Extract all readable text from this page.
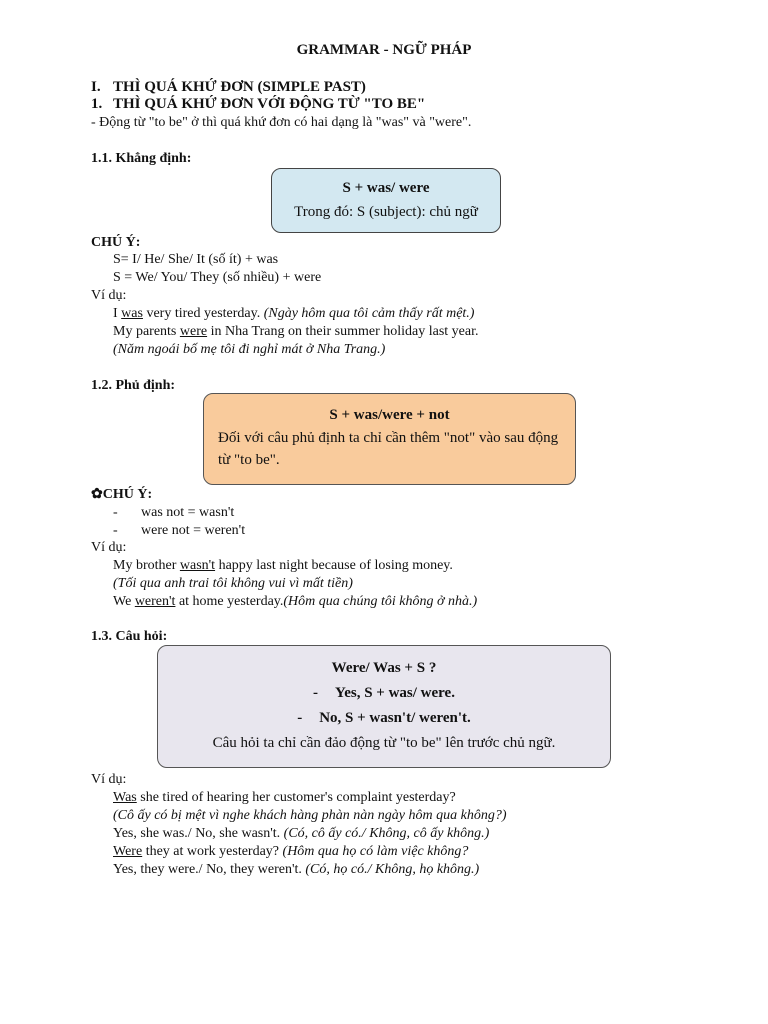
GRAMMAR - NGỮ PHÁP
I. THÌ QUÁ KHỨ ĐƠN (SIMPLE PAST)
1. THÌ QUÁ KHỨ ĐƠN VỚI ĐỘNG TỪ "TO BE"
- Động từ "to be" ở thì quá khứ đơn có hai dạng là "was" và "were".
1.1. Khẳng định:
S + was/ were
Trong đó: S (subject): chủ ngữ
CHÚ Ý:
S= I/ He/ She/ It (số ít) + was
S = We/ You/ They (số nhiều) + were
Ví dụ:
I was very tired yesterday. (Ngày hôm qua tôi cảm thấy rất mệt.)
My parents were in Nha Trang on their summer holiday last year.
(Năm ngoái bố mẹ tôi đi nghỉ mát ở Nha Trang.)
1.2. Phủ định:
S + was/were + not
Đối với câu phủ định ta chỉ cần thêm "not" vào sau động từ "to be".
✿CHÚ Ý:
- was not = wasn't
- were not = weren't
Ví dụ:
My brother wasn't happy last night because of losing money.
(Tối qua anh trai tôi không vui vì mất tiền)
We weren't at home yesterday.(Hôm qua chúng tôi không ở nhà.)
1.3. Câu hỏi:
Were/ Was + S ?
- Yes, S + was/ were.
- No, S + wasn't/ weren't.
Câu hỏi ta chỉ cần đảo động từ "to be" lên trước chủ ngữ.
Ví dụ:
Was she tired of hearing her customer's complaint yesterday?
(Cô ấy có bị mệt vì nghe khách hàng phàn nàn ngày hôm qua không?)
Yes, she was./ No, she wasn't. (Có, cô ấy có./ Không, cô ấy không.)
Were they at work yesterday? (Hôm qua họ có làm việc không?
Yes, they were./ No, they weren't. (Có, họ có./ Không, họ không.)
